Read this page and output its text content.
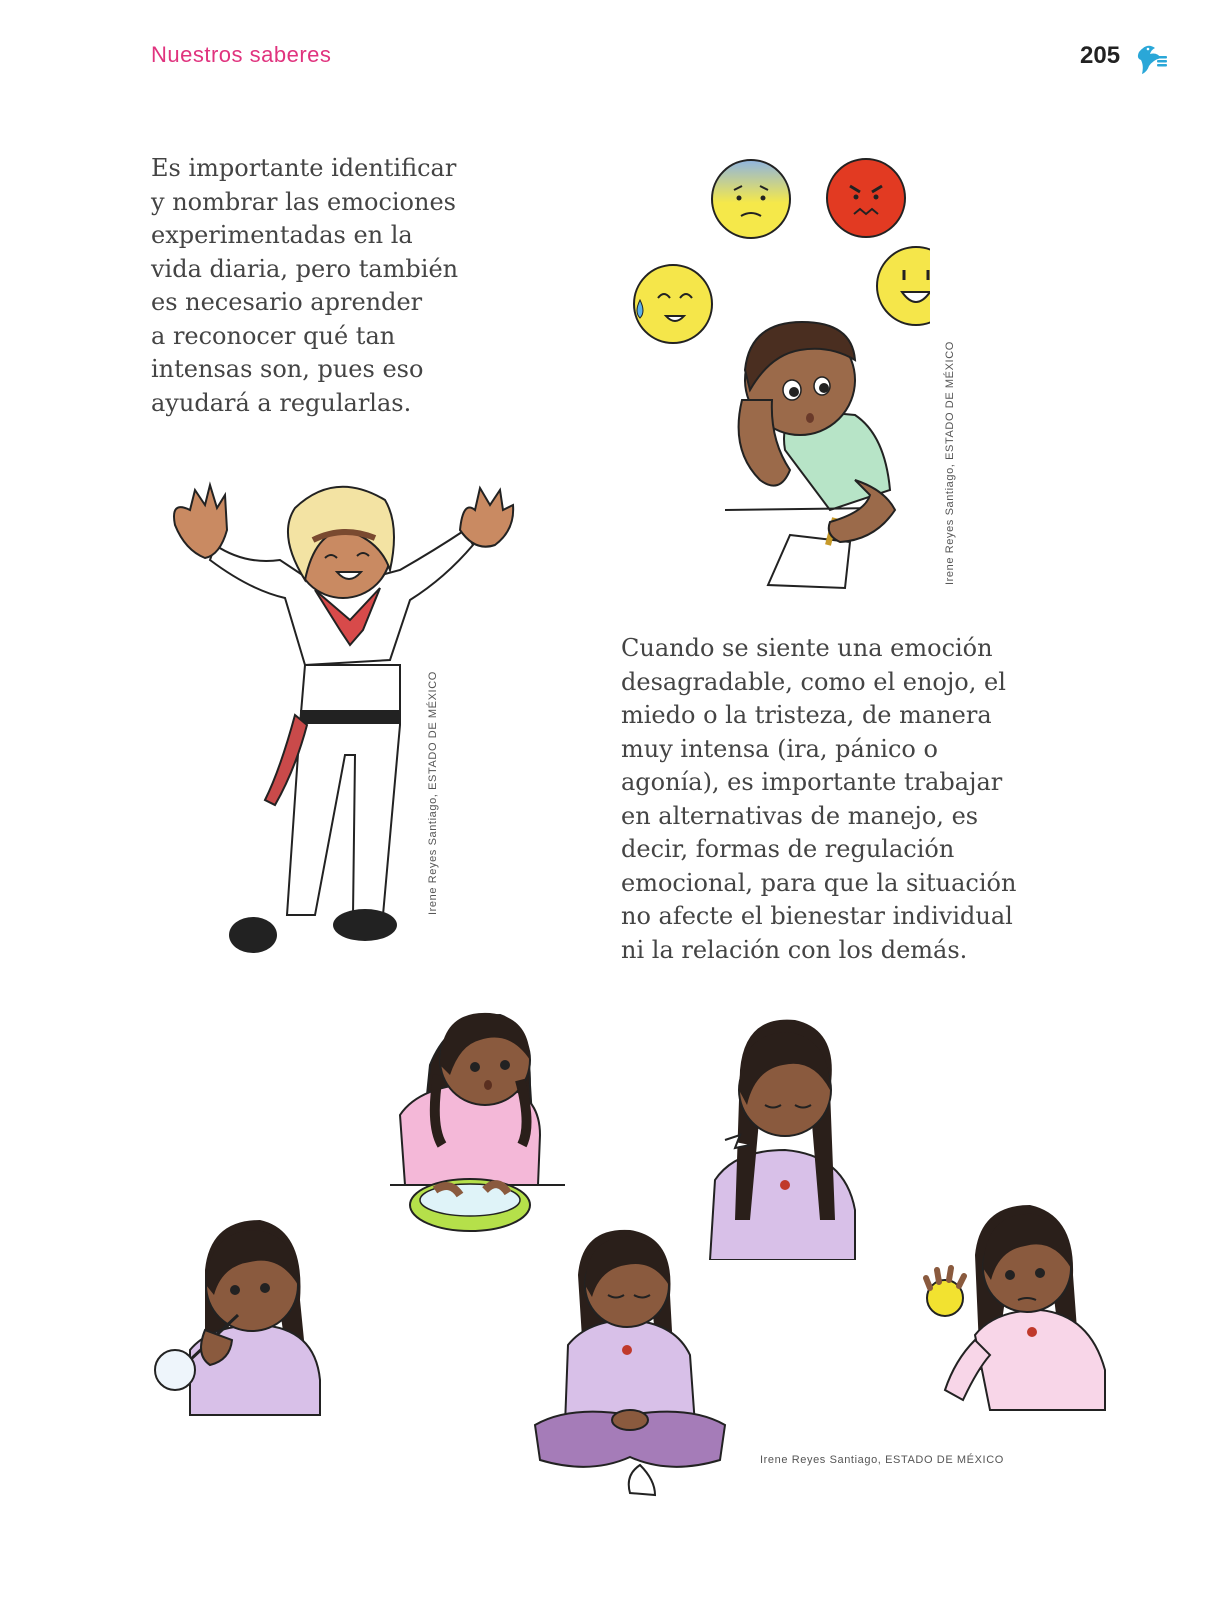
Nuestros saberes	205

Es importante identificar
y nombrar las emociones
experimentadas en la
vida diaria, pero también
es necesario aprender
a reconocer qué tan
intensas son, pues eso
ayudará a regularlas.

Cuando se siente una emoción
desagradable, como el enojo, el
miedo o la tristeza, de manera
muy intensa (ira, pánico o
agonía), es importante trabajar
en alternativas de manejo, es
decir, formas de regulación
emocional, para que la situación
no afecte el bienestar individual
ni la relación con los demás.

Irene Reyes Santiago, ESTADO DE MÉXICO
Irene Reyes Santiago, ESTADO DE MÉXICO
Irene Reyes Santiago, ESTADO DE MÉXICO
